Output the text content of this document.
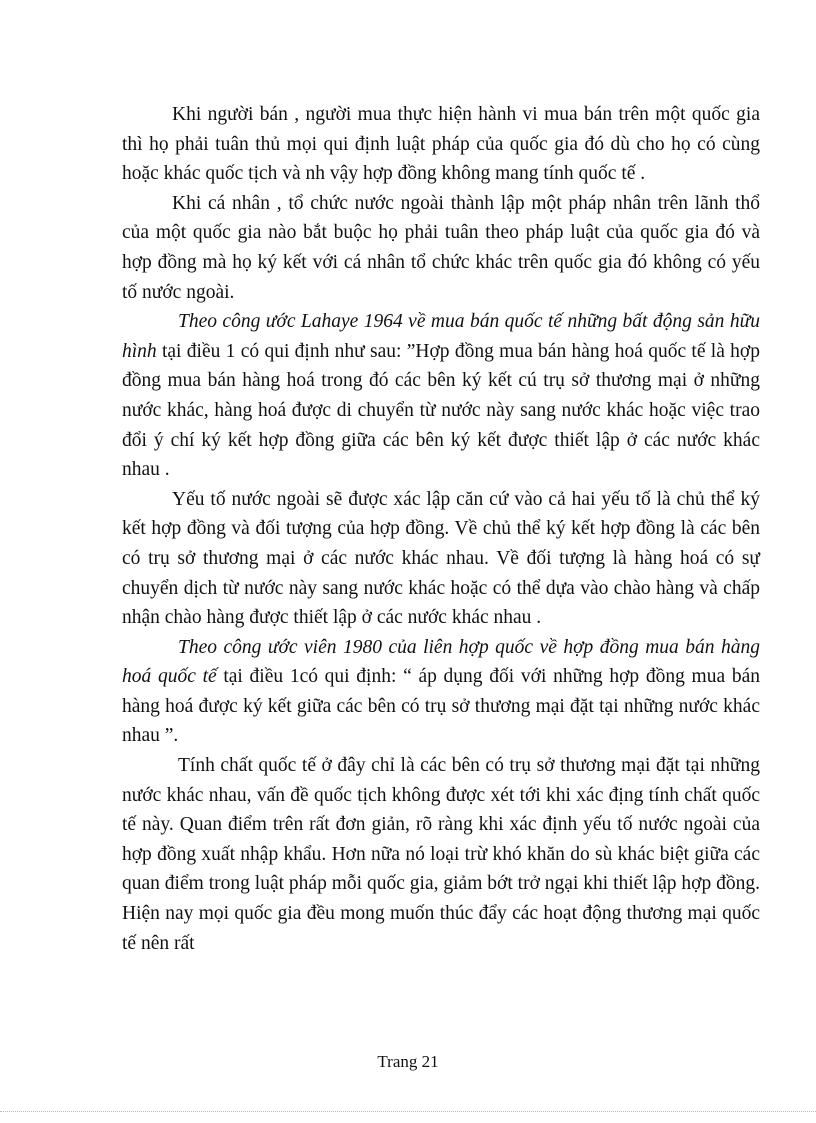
Khi người bán , người mua thực hiện hành vi mua bán trên một quốc gia thì họ phải tuân thủ mọi qui định luật pháp của quốc gia đó dù cho họ có cùng hoặc khác quốc tịch và nh vậy hợp đồng không mang tính quốc tế .

Khi cá nhân , tổ chức nước ngoài thành lập một pháp nhân trên lãnh thổ của một quốc gia nào bắt buộc họ phải tuân theo pháp luật của quốc gia đó và hợp đồng mà họ ký kết với cá nhân tổ chức khác trên quốc gia đó không có yếu tố nước ngoài.

Theo công ước Lahaye 1964 về mua bán quốc tế những bất động sản hữu hình tại điều 1 có qui định như sau: ”Hợp đồng mua bán hàng hoá quốc tế là hợp đồng mua bán hàng hoá trong đó các bên ký kết cú trụ sở thương mại ở những nước khác, hàng hoá được di chuyển từ nước này sang nước khác hoặc việc trao đổi ý chí ký kết hợp đồng giữa các bên ký kết được thiết lập ở các nước khác nhau .

Yếu tố nước ngoài sẽ được xác lập căn cứ vào cả hai yếu tố là chủ thể ký kết hợp đồng và đối tượng của hợp đồng. Về chủ thể ký kết hợp đồng là các bên có trụ sở thương mại ở các nước khác nhau. Về đối tượng là hàng hoá có sự chuyển dịch từ nước này sang nước khác hoặc có thể dựa vào chào hàng và chấp nhận chào hàng được thiết lập ở các nước khác nhau .

Theo công ước viên 1980 của liên hợp quốc về hợp đồng mua bán hàng hoá quốc tế tại điều 1có qui định: “ áp dụng đối với những hợp đồng mua bán hàng hoá được ký kết giữa các bên có trụ sở thương mại đặt tại những nước khác nhau ”.

Tính chất quốc tế ở đây chỉ là các bên có trụ sở thương mại đặt tại những nước khác nhau, vấn đề quốc tịch không được xét tới khi xác địng tính chất quốc tế này. Quan điểm trên rất đơn giản, rõ ràng khi xác định yếu tố nước ngoài của hợp đồng xuất nhập khẩu. Hơn nữa nó loại trừ khó khăn do sù khác biệt giữa các quan điểm trong luật pháp mỗi quốc gia, giảm bớt trở ngại khi thiết lập hợp đồng. Hiện nay mọi quốc gia đều mong muốn thúc đẩy các hoạt động thương mại quốc tế nên rất

Trang 21
